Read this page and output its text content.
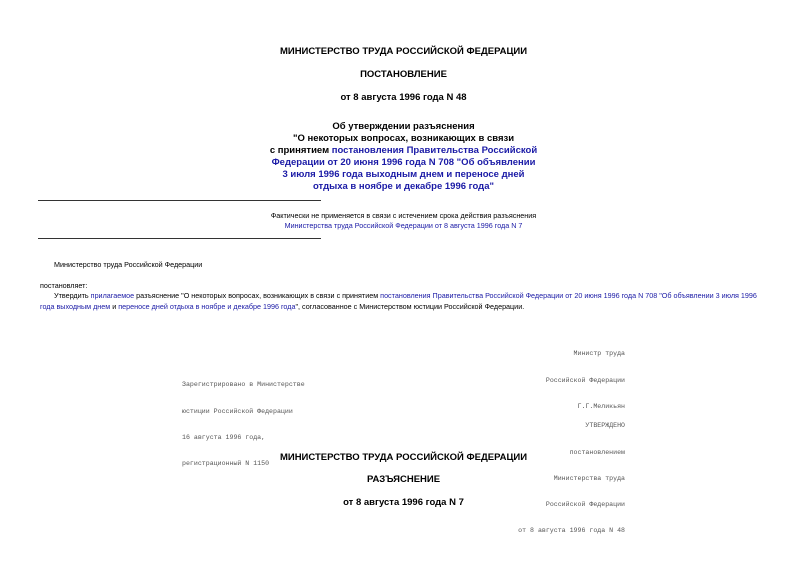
МИНИСТЕРСТВО ТРУДА РОССИЙСКОЙ ФЕДЕРАЦИИ
ПОСТАНОВЛЕНИЕ
от 8 августа 1996 года N 48
Об утверждении разъяснения
"О некоторых вопросах, возникающих в связи
с принятием постановления Правительства Российской
Федерации от 20 июня 1996 года N 708 "Об объявлении
3 июля 1996 года выходным днем и переносе дней
отдыха в ноябре и декабре 1996 года"
Фактически не применяется в связи с истечением срока действия разъяснения
Министерства труда Российской Федерации от 8 августа 1996 года N 7
Министерство труда Российской Федерации
постановляет:
Утвердить прилагаемое разъяснение "О некоторых вопросах, возникающих в связи с принятием постановления Правительства Российской Федерации от 20 июня 1996 года N 708 "Об объявлении 3 июля 1996
года выходным днем и переносе дней отдыха в ноябре и декабре 1996 года", согласованное с Министерством юстиции Российской Федерации.

Министр труда

Российской Федерации

Г.Г.Меликьян

Зарегистрировано в Министерстве

юстиции Российской Федерации

16 августа 1996 года,

регистрационный N 1150

УТВЕРЖДЕНО

постановлением

Министерства труда

Российской Федерации

от 8 августа 1996 года N 48

МИНИСТЕРСТВО ТРУДА РОССИЙСКОЙ ФЕДЕРАЦИИ
РАЗЪЯСНЕНИЕ
от 8 августа 1996 года N 7
